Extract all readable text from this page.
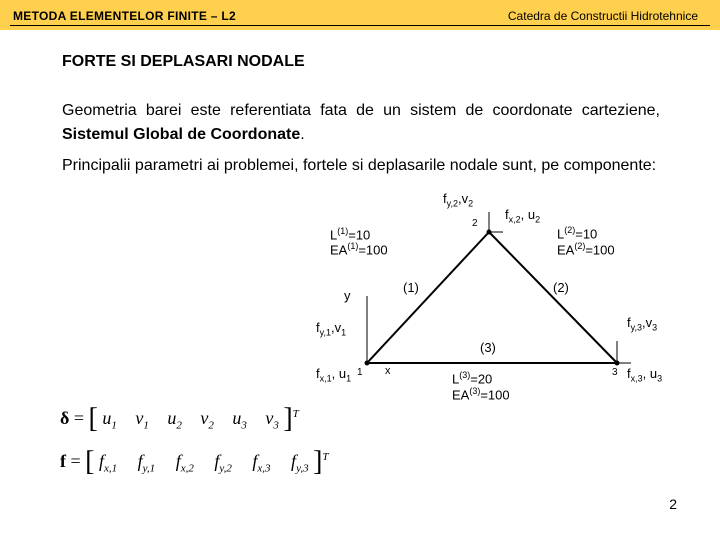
METODA ELEMENTELOR FINITE – L2	Catedra de Constructii Hidrotehnice
FORTE SI DEPLASARI NODALE
Geometria barei este referentiata fata de un sistem de coordonate carteziene, Sistemul Global de Coordonate.
Principalii parametri ai problemei, fortele si deplasarile nodale sunt, pe componente:
$f_{y,2},v_2$
$f_{x,2}$, $u_2$
2
$L^{(1)}=10$
$EA^{(1)}=100$
$L^{(2)}=10$
$EA^{(2)}=100$
(1)	(2)
y
$f_{y,1},v_1$
$f_{y,3},v_3$
(3)
$f_{x,1}$, $u_1$
1 x
$L^{(3)}=20$
$EA^{(3)}=100$
3 $f_{x,3}$, $u_3$
δ = [ $u_1$ $v_1$ $u_2$ $v_2$ $u_3$ $v_3$ ]$^T$
f = [ $f_{x,1}$ $f_{y,1}$ $f_{x,2}$ $f_{y,2}$ $f_{x,3}$ $f_{y,3}$ ]$^T$
2
